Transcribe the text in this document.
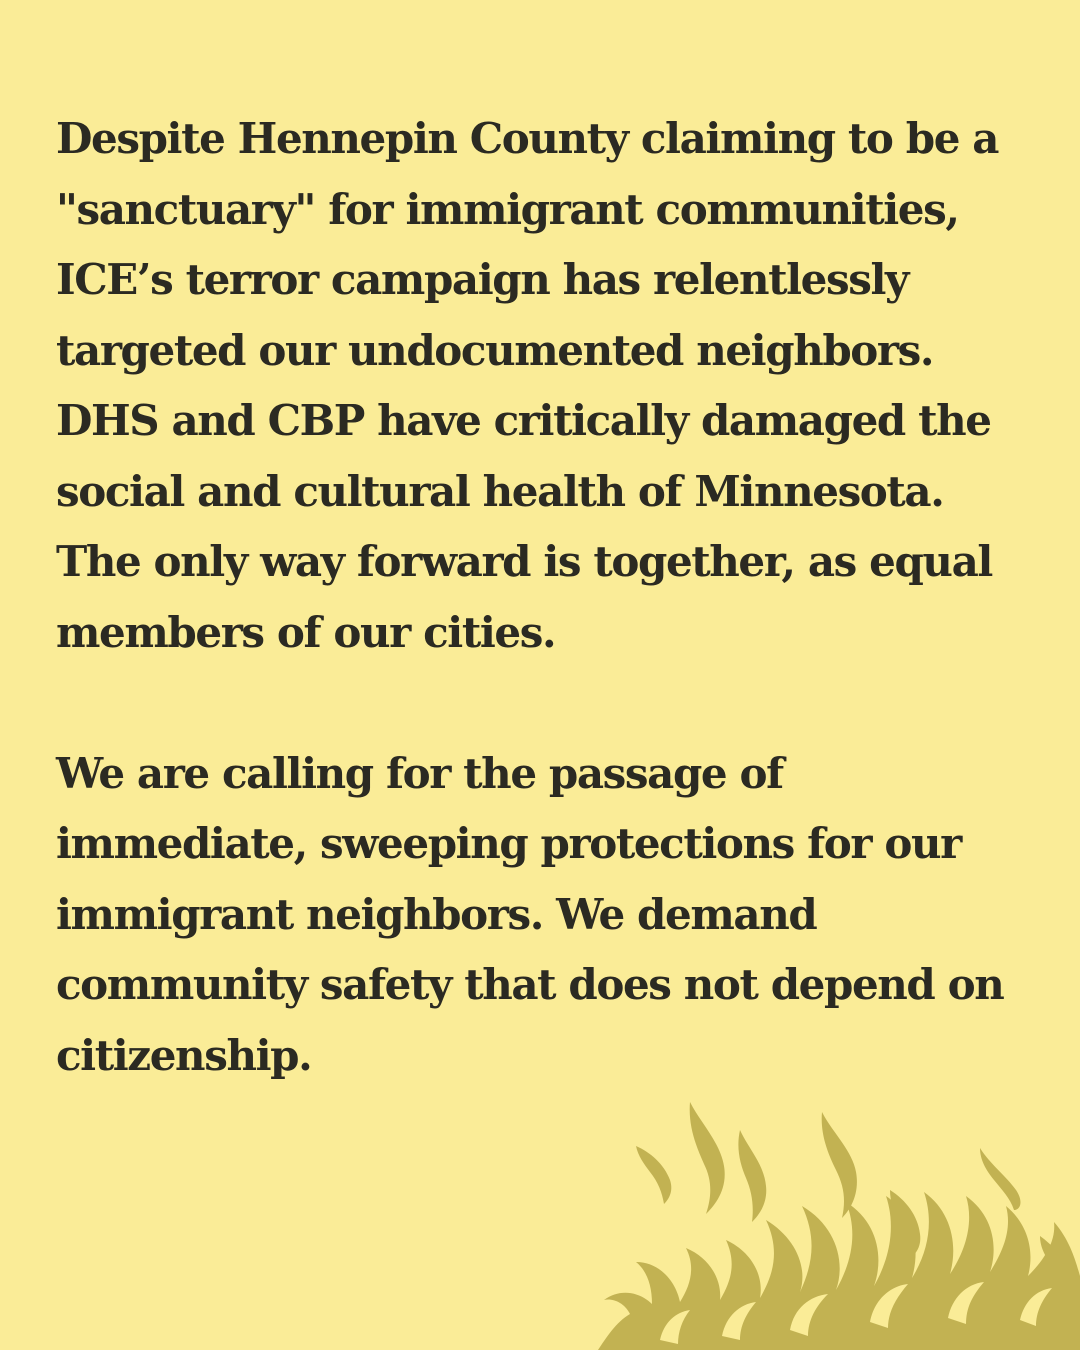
Despite Hennepin County claiming to be a
"sanctuary" for immigrant communities,
ICE’s terror campaign has relentlessly
targeted our undocumented neighbors.
DHS and CBP have critically damaged the
social and cultural health of Minnesota.
The only way forward is together, as equal
members of our cities.
We are calling for the passage of
immediate, sweeping protections for our
immigrant neighbors. We demand
community safety that does not depend on
citizenship.
